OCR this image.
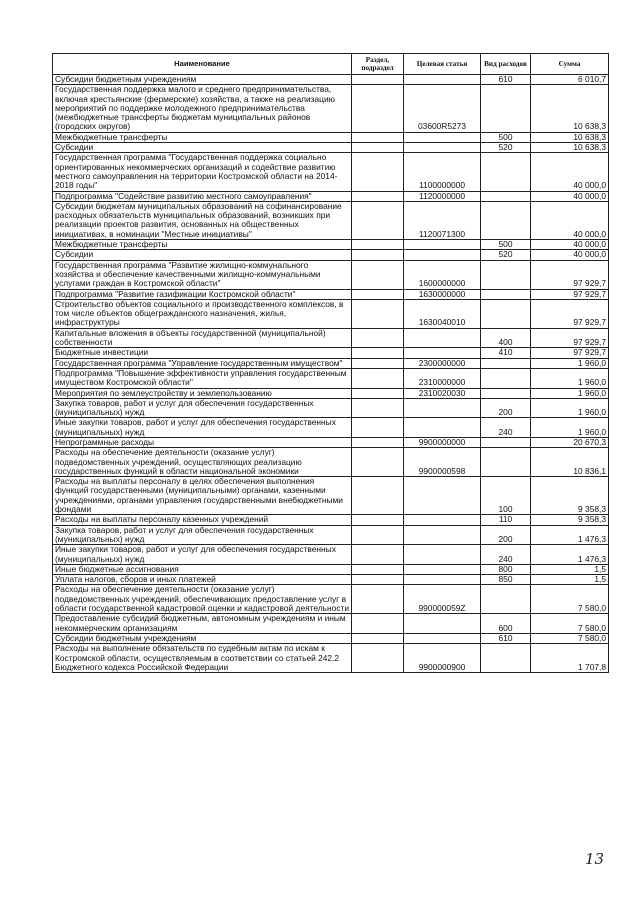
Наименование	Раздел, подраздел	Целевая статья	Вид расходов	Сумма
Субсидии бюджетным учреждениям			610	6 010,7
Государственная поддержка малого и среднего предпринимательства, включая крестьянские (фермерские) хозяйства, а также на реализацию мероприятий по поддержке молодежного предпринимательства (межбюджетные трансферты бюджетам муниципальных районов (городских округов)		03600R5273		10 638,3
Межбюджетные трансферты			500	10 638,3
Субсидии			520	10 638,3
Государственная программа "Государственная поддержка социально ориентированных некоммерческих организаций и содействие развитию местного самоуправления на территории Костромской области на 2014-2018 годы"		1100000000		40 000,0
Подпрограмма "Содействие развитию местного самоуправления"		1120000000		40 000,0
Субсидии бюджетам муниципальных образований на софинансирование расходных обязательств муниципальных образований, возникших при реализации проектов развития, основанных на общественных инициативах, в номинации "Местные инициативы"		1120071300		40 000,0
Межбюджетные трансферты			500	40 000,0
Субсидии			520	40 000,0
Государственная программа "Развитие жилищно-коммунального хозяйства и обеспечение качественными жилищно-коммунальными услугами граждан в Костромской области"		1600000000		97 929,7
Подпрограмма "Развитие газификации Костромской области"		1630000000		97 929,7
Строительство объектов социального и производственного комплексов, в том числе объектов общегражданского назначения, жилья, инфраструктуры		1630040010		97 929,7
Капитальные вложения в объекты государственной (муниципальной) собственности			400	97 929,7
Бюджетные инвестиции			410	97 929,7
Государственная программа "Управление государственным имуществом"		2300000000		1 960,0
Подпрограмма "Повышение эффективности управления государственным имуществом Костромской области"		2310000000		1 960,0
Мероприятия по землеустройству и землепользованию		2310020030		1 960,0
Закупка товаров, работ и услуг для обеспечения государственных (муниципальных) нужд			200	1 960,0
Иные закупки товаров, работ и услуг для обеспечения государственных (муниципальных) нужд			240	1 960,0
Непрограммные расходы		9900000000		20 670,3
Расходы на обеспечение деятельности (оказание услуг) подведомственных учреждений, осуществляющих реализацию государственных функций в области национальной экономики		9900000598		10 836,1
Расходы на выплаты персоналу в целях обеспечения выполнения функций государственными (муниципальными) органами, казенными учреждениями, органами управления государственными внебюджетными фондами			100	9 358,3
Расходы на выплаты персоналу казенных учреждений			110	9 358,3
Закупка товаров, работ и услуг для обеспечения государственных (муниципальных) нужд			200	1 476,3
Иные закупки товаров, работ и услуг для обеспечения государственных (муниципальных) нужд			240	1 476,3
Иные бюджетные ассигнования			800	1,5
Уплата налогов, сборов и иных платежей			850	1,5
Расходы на обеспечение деятельности (оказание услуг) подведомственных учреждений, обеспечивающих предоставление услуг в области государственной кадастровой оценки и кадастровой деятельности		990000059Z		7 580,0
Предоставление субсидий бюджетным, автономным учреждениям и иным некоммерческим организациям			600	7 580,0
Субсидии бюджетным учреждениям			610	7 580,0
Расходы на выполнение обязательств по судебным актам по искам к Костромской области, осуществляемым в соответствии со статьей 242.2 Бюджетного кодекса Российской Федерации		9900000900		1 707,8
13
